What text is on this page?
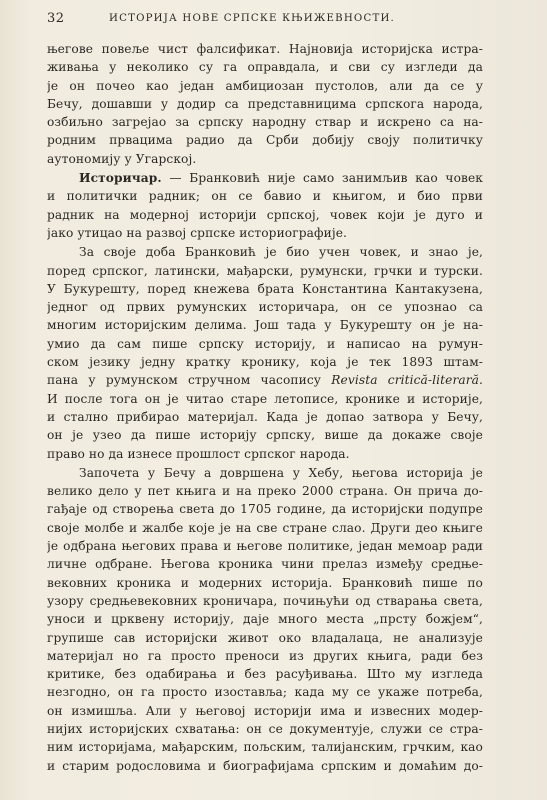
32	ИСТОРИЈА НОВЕ СРПСКЕ КЊИЖЕВНОСТИ.
његове повеље чист фалсификат. Најновија историјска истра-
живања у неколико су га оправдала, и сви су изгледи да
је он почео као један амбициозан пустолов, али да се у
Бечу, дошавши у додир са представницима српскога народа,
озбиљно загрејао за српску народну ствар и искрено са на-
родним првацима радио да Срби добију своју политичку
аутономију у Угарској.
Историчар. — Бранковић није само занимљив као човек
и политички радник; он се бавио и књигом, и био први
радник на модерној историји српској, човек који је дуго и
јако утицао на развој српске историографије.
За своје доба Бранковић је био учен човек, и знао је,
поред српског, латински, мађарски, румунски, грчки и турски.
У Букурешту, поред кнежева брата Константина Кантакузена,
једног од првих румунских историчара, он се упознао са
многим историјским делима. Још тада у Букурешту он је на-
умио да сам пише српску историју, и написао на румун-
ском језику једну кратку кронику, која је тек 1893 штам-
пана у румунском стручном часопису Revista critică-literară.
И после тога он је читао старе летописе, кронике и историје,
и стално прибирао материјал. Када је допао затвора у Бечу,
он је узео да пише историју српску, више да докаже своје
право но да изнесе прошлост српског народа.
Започета у Бечу а довршена у Хебу, његова историја је
велико дело у пет књига и на преко 2000 страна. Он прича до-
гађаје од створења света до 1705 године, да историјски подупре
своје молбе и жалбе које је на све стране слао. Други део књиге
је одбрана његових права и његове политике, један мемоар ради
личне одбране. Његова кроника чини прелаз између средње-
вековних кроника и модерних историја. Бранковић пише по
узору средњевековних кроничара, почињући од стварања света,
уноси и црквену историју, даје много места „прсту божјем“,
групише сав историјски живот око владалаца, не анализује
материјал но га просто преноси из других књига, ради без
критике, без одабирања и без расуђивања. Што му изгледа
незгодно, он га просто изоставља; када му се укаже потреба,
он измишља. Али у његовој историји има и извесних модер-
нијих историјских схватања: он се документује, служи се стра-
ним историјама, мађарским, пољским, талијанским, грчким, као
и старим родословима и биографијама српским и домаћим до-
